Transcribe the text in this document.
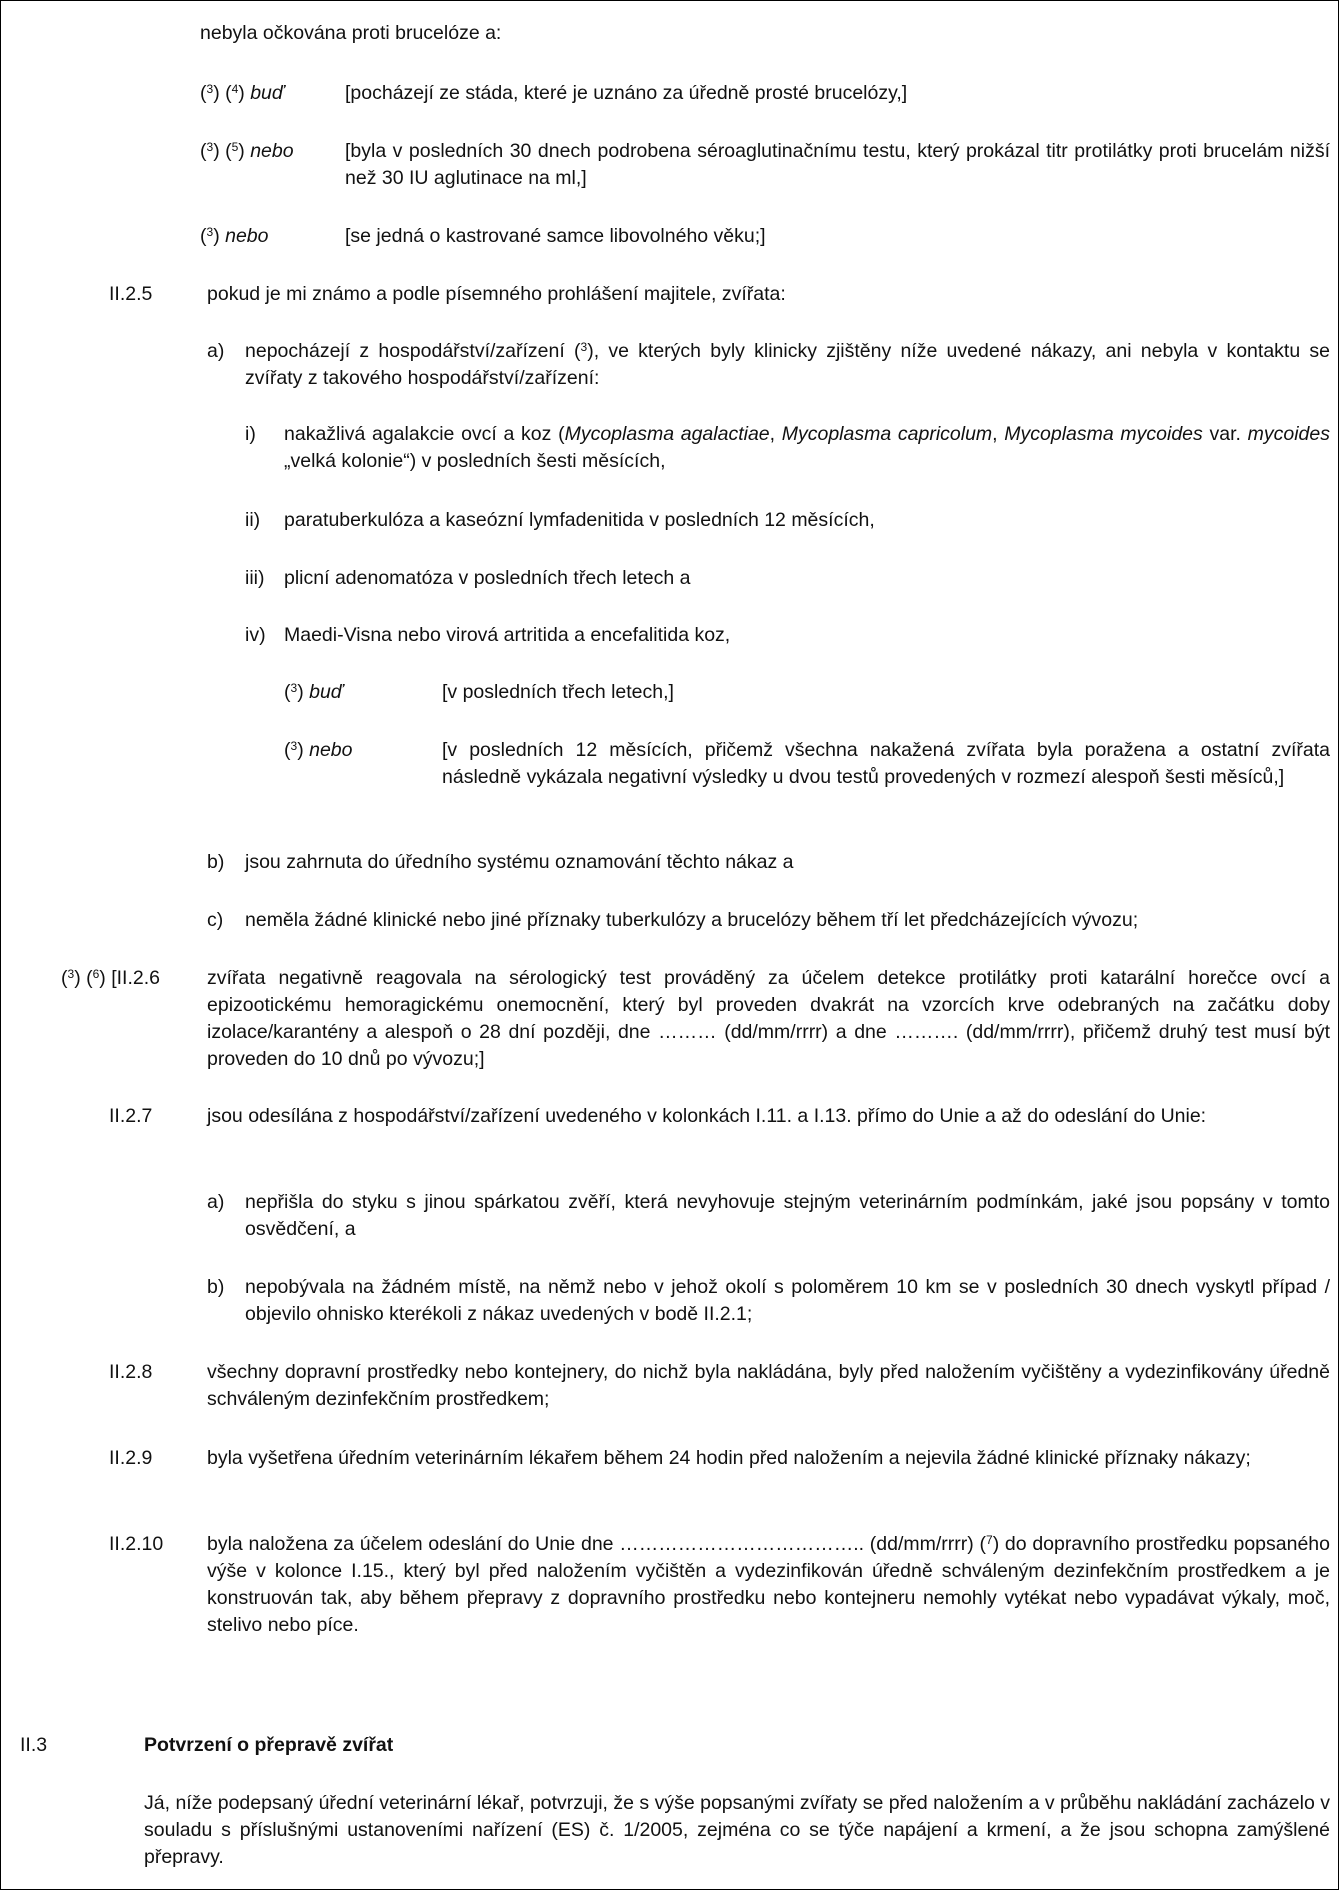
nebyla očkována proti brucelóze a:

($^3$) ($^4$) buď	[pocházejí ze stáda, které je uznáno za úředně prosté brucelózy,]

($^3$) ($^5$) nebo	[byla v posledních 30 dnech podrobena séroaglutinačnímu testu, který prokázal titr protilátky proti brucelám nižší než 30 IU aglutinace na ml,]

($^3$) nebo	[se jedná o kastrované samce libovolného věku;]

II.2.5	pokud je mi známo a podle písemného prohlášení majitele, zvířata:

a) nepocházejí z hospodářství/zařízení ($^3$), ve kterých byly klinicky zjištěny níže uvedené nákazy, ani nebyla v kontaktu se zvířaty z takového hospodářství/zařízení:

i) nakažlivá agalakcie ovcí a koz (Mycoplasma agalactiae, Mycoplasma capricolum, Mycoplasma mycoides var. mycoides „velká kolonie“) v posledních šesti měsících,

ii) paratuberkulóza a kaseózní lymfadenitida v posledních 12 měsících,

iii) plicní adenomatóza v posledních třech letech a

iv) Maedi-Visna nebo virová artritida a encefalitida koz,

($^3$) buď	[v posledních třech letech,]

($^3$) nebo	[v posledních 12 měsících, přičemž všechna nakažená zvířata byla poražena a ostatní zvířata následně vykázala negativní výsledky u dvou testů provedených v rozmezí alespoň šesti měsíců,]

b) jsou zahrnuta do úředního systému oznamování těchto nákaz a

c) neměla žádné klinické nebo jiné příznaky tuberkulózy a brucelózy během tří let předcházejících vývozu;

($^3$) ($^6$) [II.2.6 zvířata negativně reagovala na sérologický test prováděný za účelem detekce protilátky proti katarální horečce ovcí a epizootickému hemoragickému onemocnění, který byl proveden dvakrát na vzorcích krve odebraných na začátku doby izolace/karantény a alespoň o 28 dní později, dne ……… (dd/mm/rrrr) a dne ………. (dd/mm/rrrr), přičemž druhý test musí být proveden do 10 dnů po vývozu;]

II.2.7	jsou odesílána z hospodářství/zařízení uvedeného v kolonkách I.11. a I.13. přímo do Unie a až do odeslání do Unie:

a) nepřišla do styku s jinou spárkatou zvěří, která nevyhovuje stejným veterinárním podmínkám, jaké jsou popsány v tomto osvědčení, a

b) nepobývala na žádném místě, na němž nebo v jehož okolí s poloměrem 10 km se v posledních 30 dnech vyskytl případ / objevilo ohnisko kterékoli z nákaz uvedených v bodě II.2.1;

II.2.8	všechny dopravní prostředky nebo kontejnery, do nichž byla nakládána, byly před naložením vyčištěny a vydezinfikovány úředně schváleným dezinfekčním prostředkem;

II.2.9	byla vyšetřena úředním veterinárním lékařem během 24 hodin před naložením a nejevila žádné klinické příznaky nákazy;

II.2.10 byla naložena za účelem odeslání do Unie dne ……………………………….. (dd/mm/rrrr) ($^7$) do dopravního prostředku popsaného výše v kolonce I.15., který byl před naložením vyčištěn a vydezinfikován úředně schváleným dezinfekčním prostředkem a je konstruován tak, aby během přepravy z dopravního prostředku nebo kontejneru nemohly vytékat nebo vypadávat výkaly, moč, stelivo nebo píce.

II.3	Potvrzení o přepravě zvířat

Já, níže podepsaný úřední veterinární lékař, potvrzuji, že s výše popsanými zvířaty se před naložením a v průběhu nakládání zacházelo v souladu s příslušnými ustanoveními nařízení (ES) č. 1/2005, zejména co se týče napájení a krmení, a že jsou schopna zamýšlené přepravy.
